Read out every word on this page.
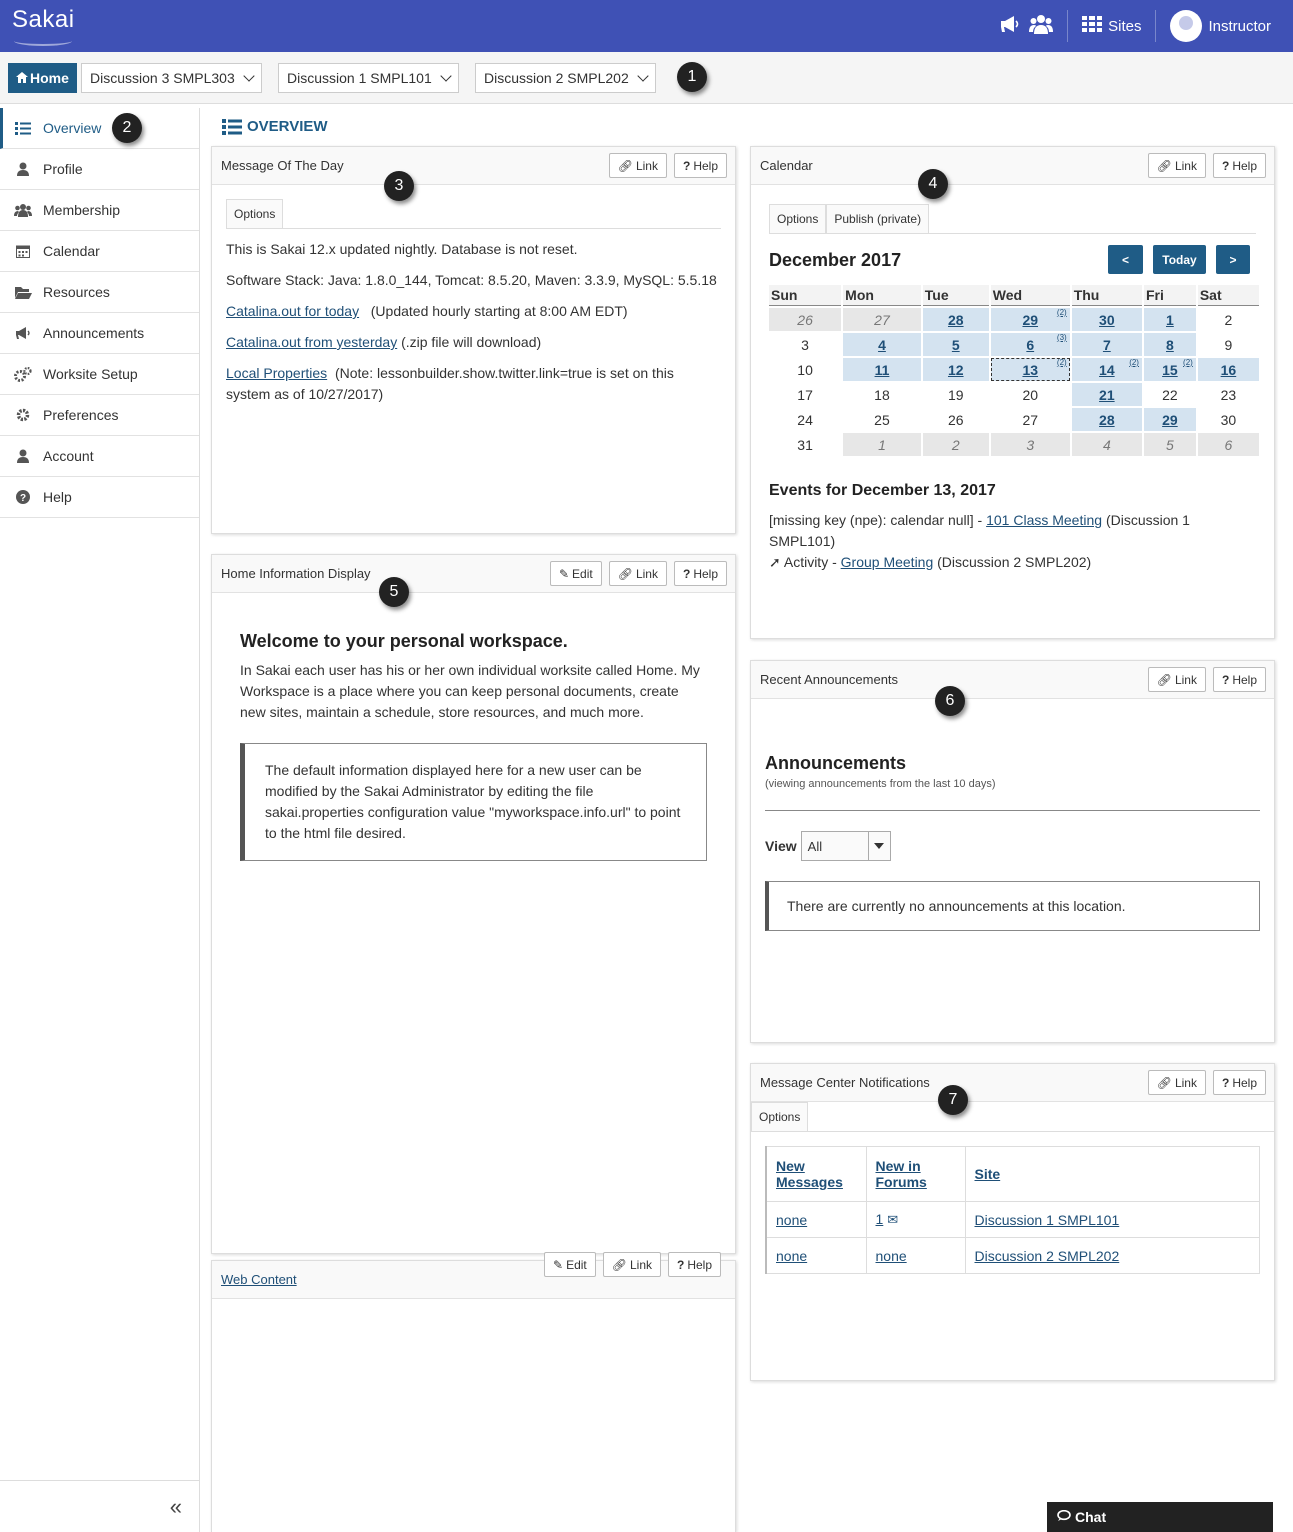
Sakai	Sites	Instructor
Home Discussion 3 SMPL303	Discussion 1 SMPL101	Discussion 2 SMPL202
Overview
Profile
Membership
Calendar
Resources
Announcements
Worksite Setup
Preferences
Account
? Help
«
OVERVIEW
Message Of The Day	🔗︎ Link ? Help
Options

This is Sakai 12.x updated nightly. Database is not reset.

Software Stack: Java: 1.8.0_144, Tomcat: 8.5.20, Maven: 3.3.9, MySQL: 5.5.18

Catalina.out for today (Updated hourly starting at 8:00 AM EDT)

Catalina.out from yesterday (.zip file will download)

Local Properties (Note: lessonbuilder.show.twitter.link=true is set on this system as of 10/27/2017)

Home Information Display	✎ Edit 🔗︎ Link ? Help
Welcome to your personal workspace.
In Sakai each user has his or her own individual worksite called Home. My Workspace is a place where you can keep personal documents, create new sites, maintain a schedule, store resources, and much more.
The default information displayed here for a new user can be modified by the Sakai Administrator by editing the file sakai.properties configuration value "myworkspace.info.url" to point to the html file desired.
Web Content
✎ Edit 🔗︎ Link ? Help
Calendar	🔗︎ Link ? Help
Options	Publish (private)
December 2017
Sun	Mon	Tue	Wed	Thu	Fri	Sat
26	27	28	29 (2)	30	1	2
3	4	5	6 (3)	7	8	9
10	11	12	13 (2)	14 (2)	15 (2)	16
17	18	19	20	21	22	23
24	25	26	27	28	29	30
31	1	2	3	4	5	6
Events for December 13, 2017
[missing key (npe): calendar null] - 101 Class Meeting (Discussion 1 SMPL101)
➚ Activity - Group Meeting (Discussion 2 SMPL202)
<	Today	>
Recent Announcements	🔗︎ Link ? Help
Announcements
(viewing announcements from the last 10 days)
View All
There are currently no announcements at this location.
Message Center Notifications	🔗︎ Link ? Help
Options
New Messages	New in Forums	Site
none	1 ✉	Discussion 1 SMPL101
none	none	Discussion 2 SMPL202
Chat
1
2
3	4
5
6
7
